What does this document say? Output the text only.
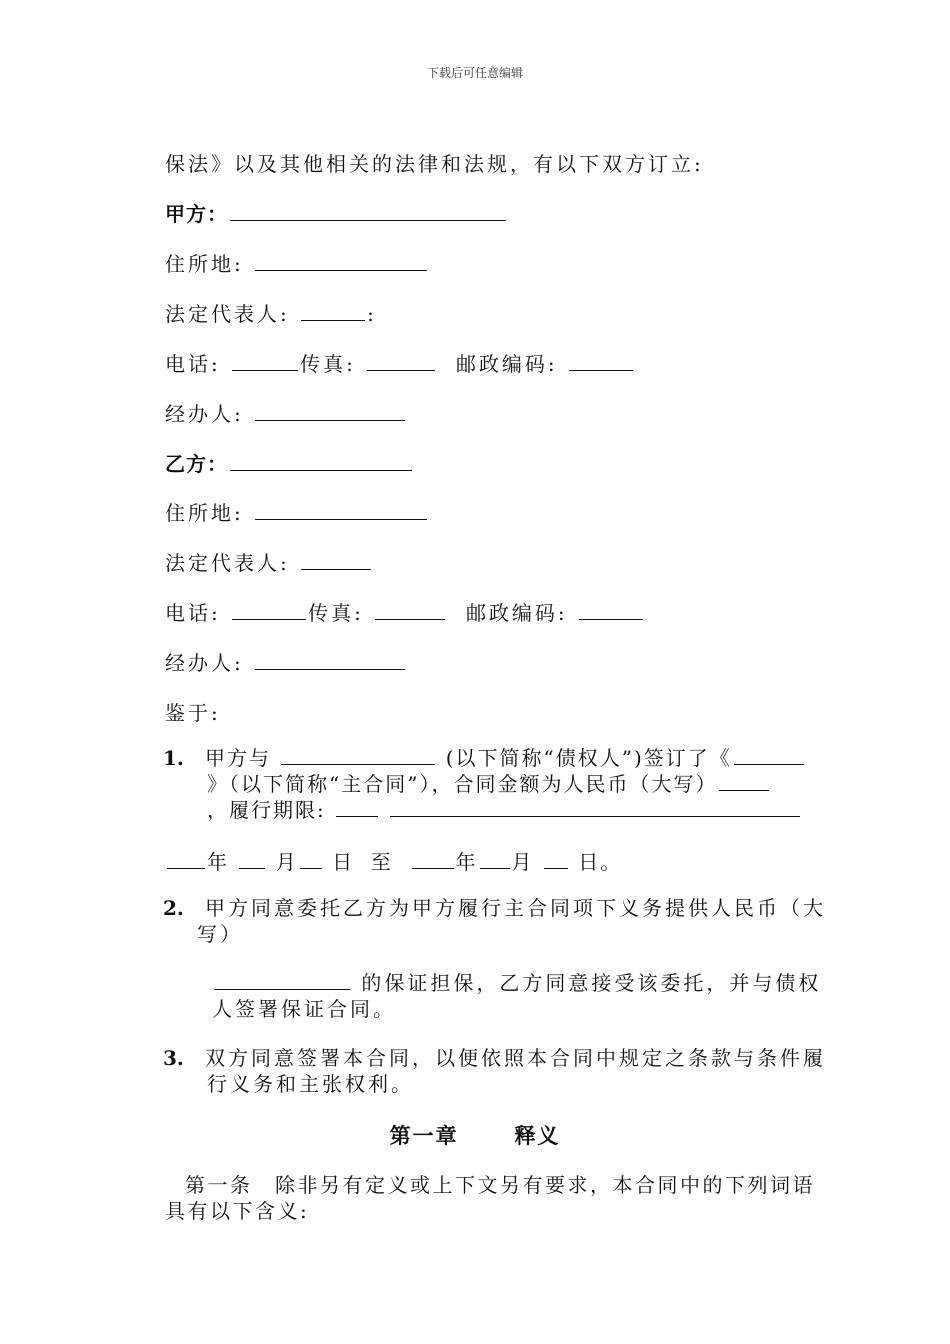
下载后可任意编辑
保法》以及其他相关的法律和法规，有以下双方订立:
甲方：
住所地:
法定代表人:	:
电话:	传真:	邮政编码:
经办人:
乙方：
住所地:
法定代表人:
电话:	传真:	邮政编码:
经办人:
鉴于:
1. 甲方与	(以下简称“债权人”)签订了《
》（以下简称“主合同”），合同金额为人民币（大写）
，履行期限:
年 月 日 至	年 月 日。
2. 甲方同意委托乙方为甲方履行主合同项下义务提供人民币（大
写）
的保证担保，乙方同意接受该委托，并与债权
人签署保证合同。
3. 双方同意签署本合同，以便依照本合同中规定之条款与条件履
行义务和主张权利。
第一章	释义
第一条　除非另有定义或上下文另有要求，本合同中的下列词语
具有以下含义:
